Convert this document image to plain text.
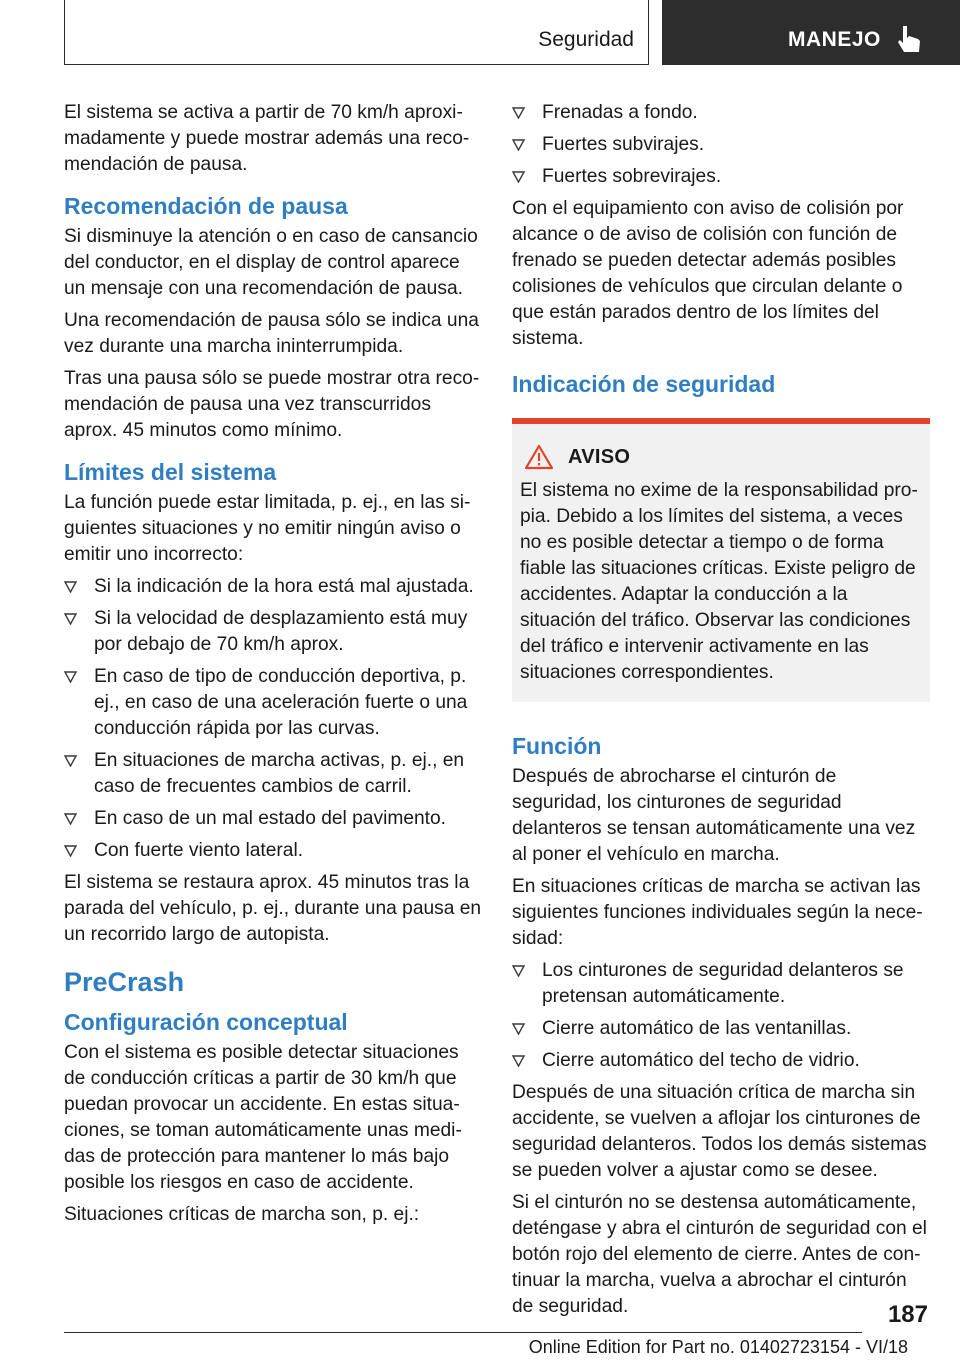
Seguridad	MANEJO

El sistema se activa a partir de 70 km/h aproximadamente y puede mostrar además una recomendación de pausa.

Recomendación de pausa

Si disminuye la atención o en caso de cansancio del conductor, en el display de control aparece un mensaje con una recomendación de pausa.

Una recomendación de pausa sólo se indica una vez durante una marcha ininterrumpida.

Tras una pausa sólo se puede mostrar otra recomendación de pausa una vez transcurridos aprox. 45 minutos como mínimo.

Límites del sistema

La función puede estar limitada, p. ej., en las siguientes situaciones y no emitir ningún aviso o emitir uno incorrecto:

Si la indicación de la hora está mal ajustada.
Si la velocidad de desplazamiento está muy por debajo de 70 km/h aprox.
En caso de tipo de conducción deportiva, p. ej., en caso de una aceleración fuerte o una conducción rápida por las curvas.
En situaciones de marcha activas, p. ej., en caso de frecuentes cambios de carril.
En caso de un mal estado del pavimento.
Con fuerte viento lateral.

El sistema se restaura aprox. 45 minutos tras la parada del vehículo, p. ej., durante una pausa en un recorrido largo de autopista.

PreCrash
Configuración conceptual

Con el sistema es posible detectar situaciones de conducción críticas a partir de 30 km/h que puedan provocar un accidente. En estas situaciones, se toman automáticamente unas medidas de protección para mantener lo más bajo posible los riesgos en caso de accidente.

Situaciones críticas de marcha son, p. ej.:

Frenadas a fondo.
Fuertes subvirajes.
Fuertes sobrevirajes.

Con el equipamiento con aviso de colisión por alcance o de aviso de colisión con función de frenado se pueden detectar además posibles colisiones de vehículos que circulan delante o que están parados dentro de los límites del sistema.

Indicación de seguridad
AVISO

El sistema no exime de la responsabilidad propia. Debido a los límites del sistema, a veces no es posible detectar a tiempo o de forma fiable las situaciones críticas. Existe peligro de accidentes. Adaptar la conducción a la situación del tráfico. Observar las condiciones del tráfico e intervenir activamente en las situaciones correspondientes.

Función

Después de abrocharse el cinturón de seguridad, los cinturones de seguridad delanteros se tensan automáticamente una vez al poner el vehículo en marcha.

En situaciones críticas de marcha se activan las siguientes funciones individuales según la necesidad:

Los cinturones de seguridad delanteros se pretensan automáticamente.
Cierre automático de las ventanillas.
Cierre automático del techo de vidrio.

Después de una situación crítica de marcha sin accidente, se vuelven a aflojar los cinturones de seguridad delanteros. Todos los demás sistemas se pueden volver a ajustar como se desee.

Si el cinturón no se destensa automáticamente, deténgase y abra el cinturón de seguridad con el botón rojo del elemento de cierre. Antes de continuar la marcha, vuelva a abrochar el cinturón de seguridad.	187
Online Edition for Part no. 01402723154 - VI/18
